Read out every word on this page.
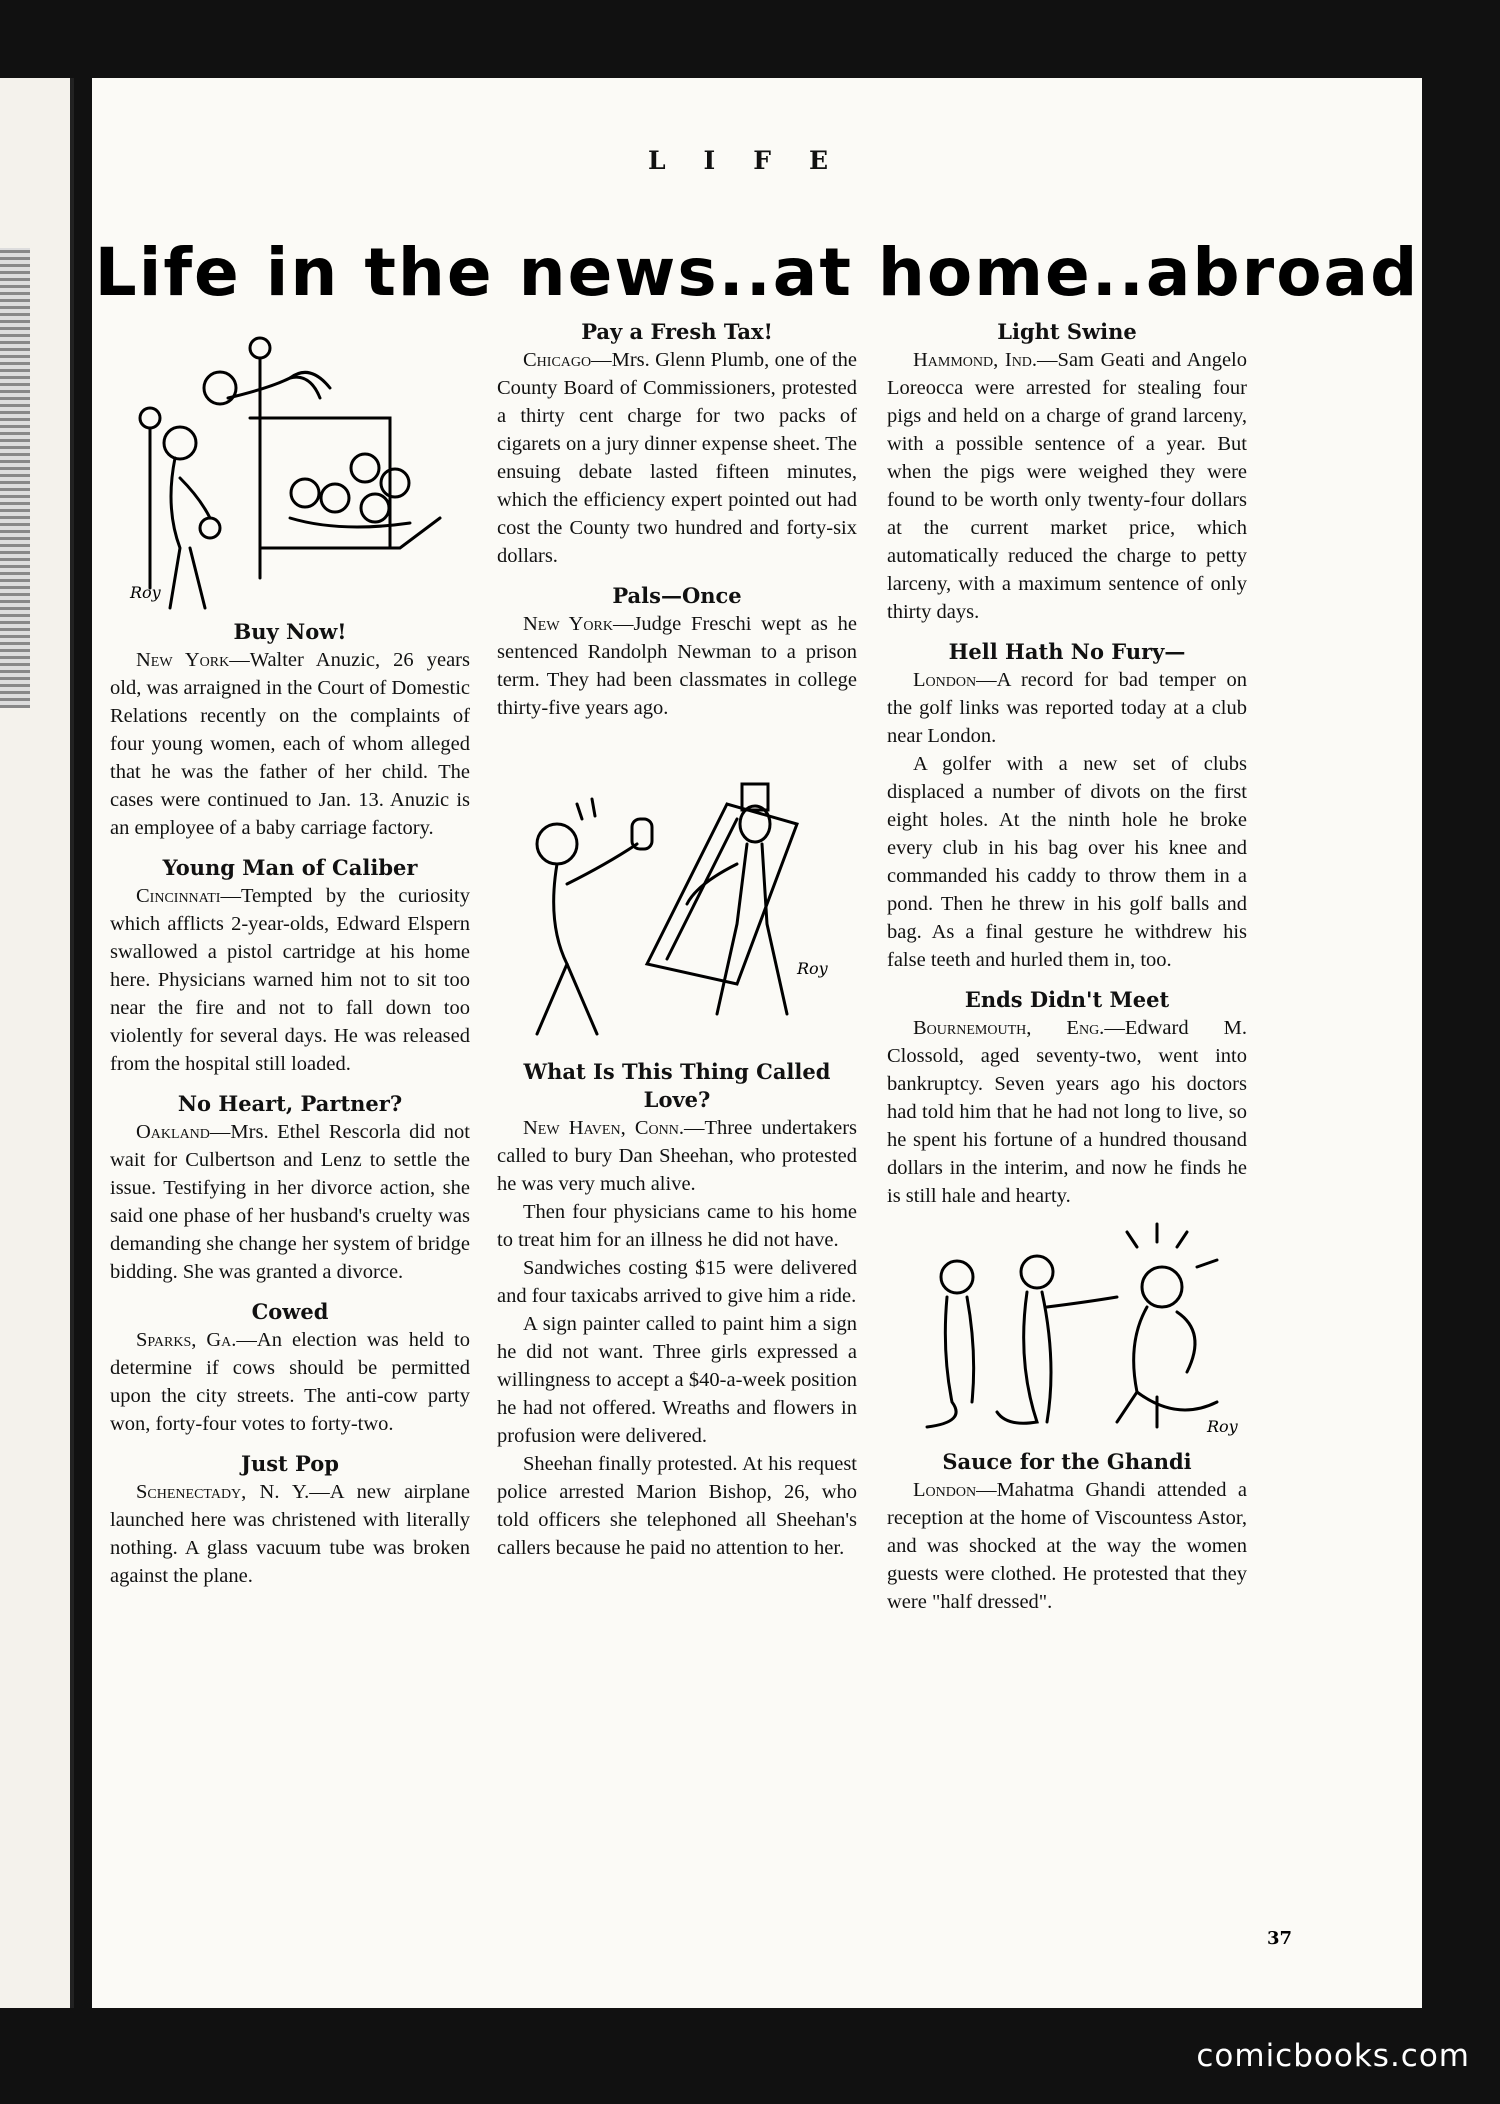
LIFE
Life in the news..at home..abroad
Roy
Buy Now!

New York—Walter Anuzic, 26 years old, was arraigned in the Court of Domestic Relations recently on the complaints of four young women, each of whom alleged that he was the father of her child. The cases were continued to Jan. 13. Anuzic is an employee of a baby carriage factory.

Young Man of Caliber

Cincinnati—Tempted by the curiosity which afflicts 2-year-olds, Edward Elspern swallowed a pistol cartridge at his home here. Physicians warned him not to sit too near the fire and not to fall down too violently for several days. He was released from the hospital still loaded.

No Heart, Partner?

Oakland—Mrs. Ethel Rescorla did not wait for Culbertson and Lenz to settle the issue. Testifying in her divorce action, she said one phase of her husband's cruelty was demanding she change her system of bridge bidding. She was granted a divorce.

Cowed

Sparks, Ga.—An election was held to determine if cows should be permitted upon the city streets. The anti-cow party won, forty-four votes to forty-two.

Just Pop

Schenectady, N. Y.—A new airplane launched here was christened with literally nothing. A glass vacuum tube was broken against the plane.

Pay a Fresh Tax!

Chicago—Mrs. Glenn Plumb, one of the County Board of Commissioners, protested a thirty cent charge for two packs of cigarets on a jury dinner expense sheet. The ensuing debate lasted fifteen minutes, which the efficiency expert pointed out had cost the County two hundred and forty-six dollars.

Pals—Once

New York—Judge Freschi wept as he sentenced Randolph Newman to a prison term. They had been classmates in college thirty-five years ago.

Roy
What Is This Thing Called Love?

New Haven, Conn.—Three undertakers called to bury Dan Sheehan, who protested he was very much alive.

Then four physicians came to his home to treat him for an illness he did not have.

Sandwiches costing $15 were delivered and four taxicabs arrived to give him a ride.

A sign painter called to paint him a sign he did not want. Three girls expressed a willingness to accept a $40-a-week position he had not offered. Wreaths and flowers in profusion were delivered.

Sheehan finally protested. At his request police arrested Marion Bishop, 26, who told officers she telephoned all Sheehan's callers because he paid no attention to her.

Light Swine

Hammond, Ind.—Sam Geati and Angelo Loreocca were arrested for stealing four pigs and held on a charge of grand larceny, with a possible sentence of a year. But when the pigs were weighed they were found to be worth only twenty-four dollars at the current market price, which automatically reduced the charge to petty larceny, with a maximum sentence of only thirty days.

Hell Hath No Fury—

London—A record for bad temper on the golf links was reported today at a club near London.

A golfer with a new set of clubs displaced a number of divots on the first eight holes. At the ninth hole he broke every club in his bag over his knee and commanded his caddy to throw them in a pond. Then he threw in his golf balls and bag. As a final gesture he withdrew his false teeth and hurled them in, too.

Ends Didn't Meet

Bournemouth, Eng.—Edward M. Clossold, aged seventy-two, went into bankruptcy. Seven years ago his doctors had told him that he had not long to live, so he spent his fortune of a hundred thousand dollars in the interim, and now he finds he is still hale and hearty.

Roy
Sauce for the Ghandi

London—Mahatma Ghandi attended a reception at the home of Viscountess Astor, and was shocked at the way the women guests were clothed. He protested that they were "half dressed".

37
comicbooks.com
